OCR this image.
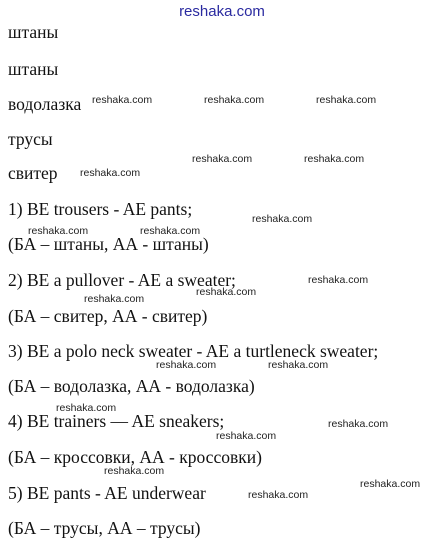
reshaka.com
штаны
штаны
водолазка
трусы
свитер
1) BE trousers - AE pants;
(БА – штаны, АА - штаны)
2) BE a pullover - AE a sweater;
(БА – свитер, АА - свитер)
3) BE a polo neck sweater - AE a turtleneck sweater;
(БА – водолазка, АА - водолазка)
4) BE trainers — AE sneakers;
(БА – кроссовки, АА - кроссовки)
5) BE pants - AE underwear
(БА – трусы, АА – трусы)
reshaka.com	reshaka.com	reshaka.com
reshaka.com	reshaka.com
reshaka.com
reshaka.com
reshaka.com	reshaka.com
reshaka.com
reshaka.com
reshaka.com
reshaka.com	reshaka.com
reshaka.com
reshaka.com
reshaka.com
reshaka.com
reshaka.com
reshaka.com
